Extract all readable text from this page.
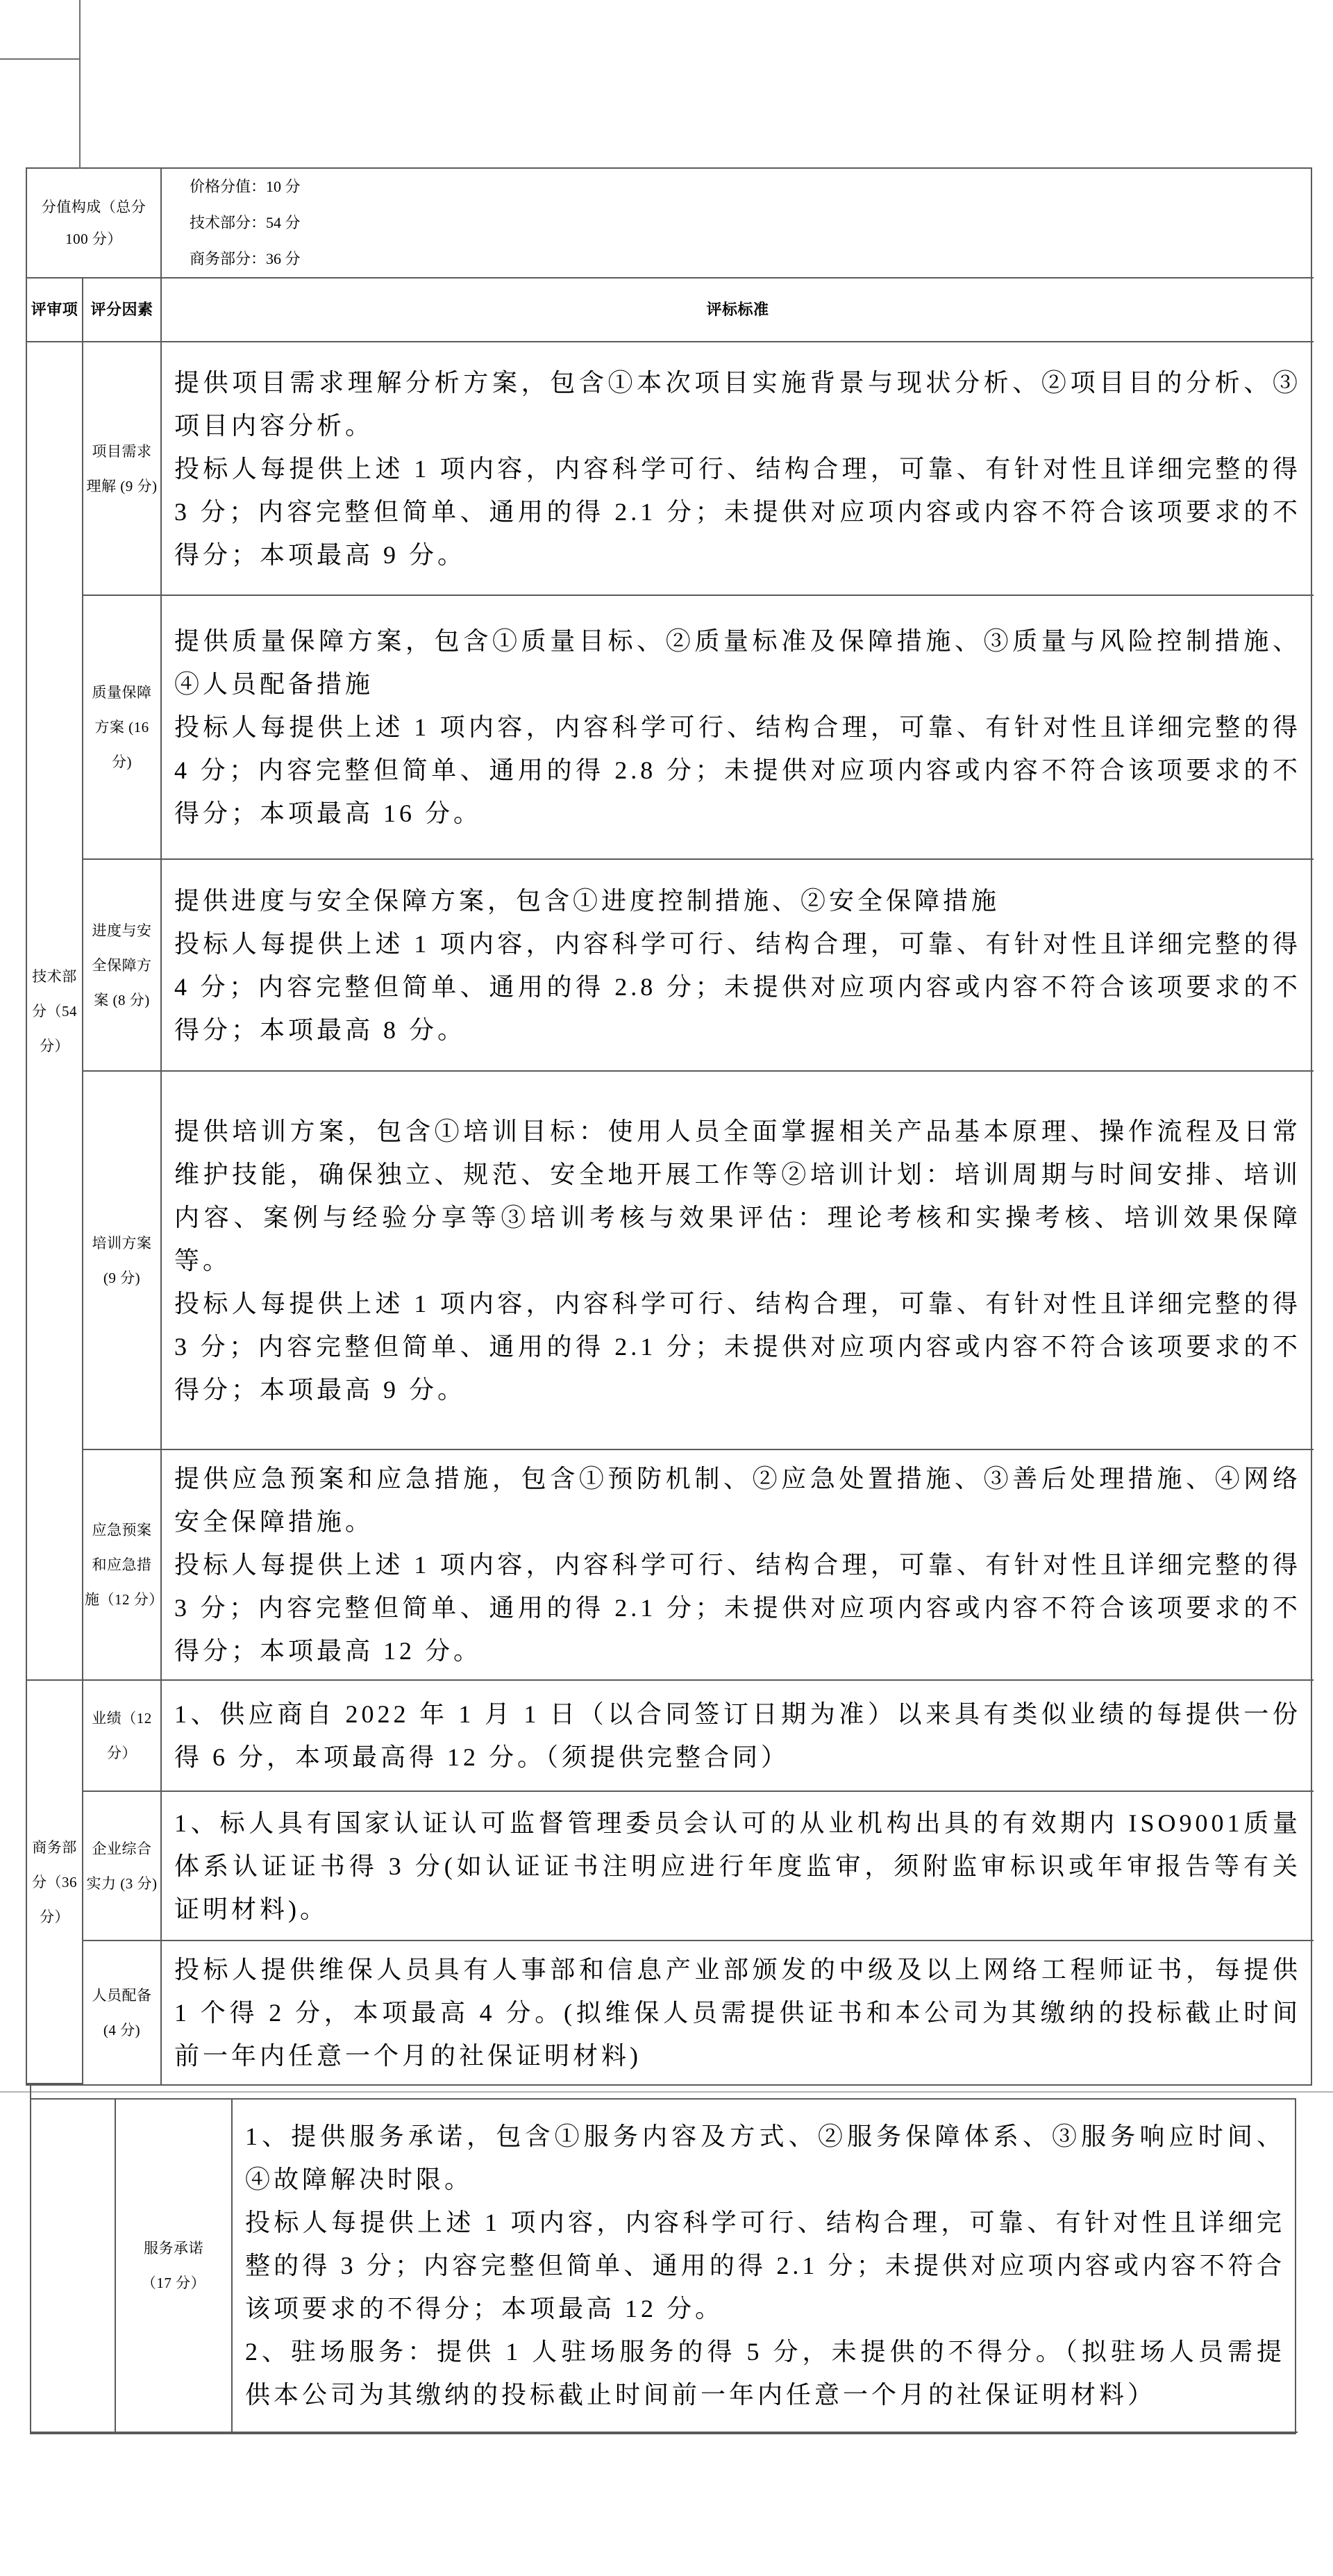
分值构成（总分 100 分）
价格分值：10 分
技术部分：54 分
商务部分：36 分
评审项 评分因素	评标标准
技术部分（54 分）
项目需求理解 (9 分)
提供项目需求理解分析方案，包含①本次项目实施背景与现状分析、②项目目的分析、③项目内容分析。
投标人每提供上述 1 项内容，内容科学可行、结构合理，可靠、有针对性且详细完整的得 3 分；内容完整但简单、通用的得 2.1 分；未提供对应项内容或内容不符合该项要求的不得分；本项最高 9 分。
质量保障方案 (16 分)
提供质量保障方案，包含①质量目标、②质量标准及保障措施、③质量与风险控制措施、④人员配备措施
投标人每提供上述 1 项内容，内容科学可行、结构合理，可靠、有针对性且详细完整的得 4 分；内容完整但简单、通用的得 2.8 分；未提供对应项内容或内容不符合该项要求的不得分；本项最高 16 分。
进度与安全保障方案 (8 分)
提供进度与安全保障方案，包含①进度控制措施、②安全保障措施
投标人每提供上述 1 项内容，内容科学可行、结构合理，可靠、有针对性且详细完整的得 4 分；内容完整但简单、通用的得 2.8 分；未提供对应项内容或内容不符合该项要求的不得分；本项最高 8 分。
培训方案 (9 分)
提供培训方案，包含①培训目标：使用人员全面掌握相关产品基本原理、操作流程及日常维护技能，确保独立、规范、安全地开展工作等②培训计划：培训周期与时间安排、培训内容、案例与经验分享等③培训考核与效果评估：理论考核和实操考核、培训效果保障等。
投标人每提供上述 1 项内容，内容科学可行、结构合理，可靠、有针对性且详细完整的得 3 分；内容完整但简单、通用的得 2.1 分；未提供对应项内容或内容不符合该项要求的不得分；本项最高 9 分。
应急预案和应急措施（12 分）
提供应急预案和应急措施，包含①预防机制、②应急处置措施、③善后处理措施、④网络安全保障措施。
投标人每提供上述 1 项内容，内容科学可行、结构合理，可靠、有针对性且详细完整的得 3 分；内容完整但简单、通用的得 2.1 分；未提供对应项内容或内容不符合该项要求的不得分；本项最高 12 分。
商务部分（36 分）
业绩（12 分）
1、供应商自 2022 年 1 月 1 日（以合同签订日期为准）以来具有类似业绩的每提供一份得 6 分，本项最高得 12 分。（须提供完整合同）
企业综合实力 (3 分)
1、标人具有国家认证认可监督管理委员会认可的从业机构出具的有效期内 ISO9001质量体系认证证书得 3 分(如认证证书注明应进行年度监审，须附监审标识或年审报告等有关证明材料)。
人员配备 (4 分)
投标人提供维保人员具有人事部和信息产业部颁发的中级及以上网络工程师证书，每提供 1 个得 2 分，本项最高 4 分。(拟维保人员需提供证书和本公司为其缴纳的投标截止时间前一年内任意一个月的社保证明材料)
服务承诺（17 分）
1、提供服务承诺，包含①服务内容及方式、②服务保障体系、③服务响应时间、④故障解决时限。
投标人每提供上述 1 项内容，内容科学可行、结构合理，可靠、有针对性且详细完整的得 3 分；内容完整但简单、通用的得 2.1 分；未提供对应项内容或内容不符合该项要求的不得分；本项最高 12 分。
2、驻场服务：提供 1 人驻场服务的得 5 分，未提供的不得分。（拟驻场人员需提供本公司为其缴纳的投标截止时间前一年内任意一个月的社保证明材料）
